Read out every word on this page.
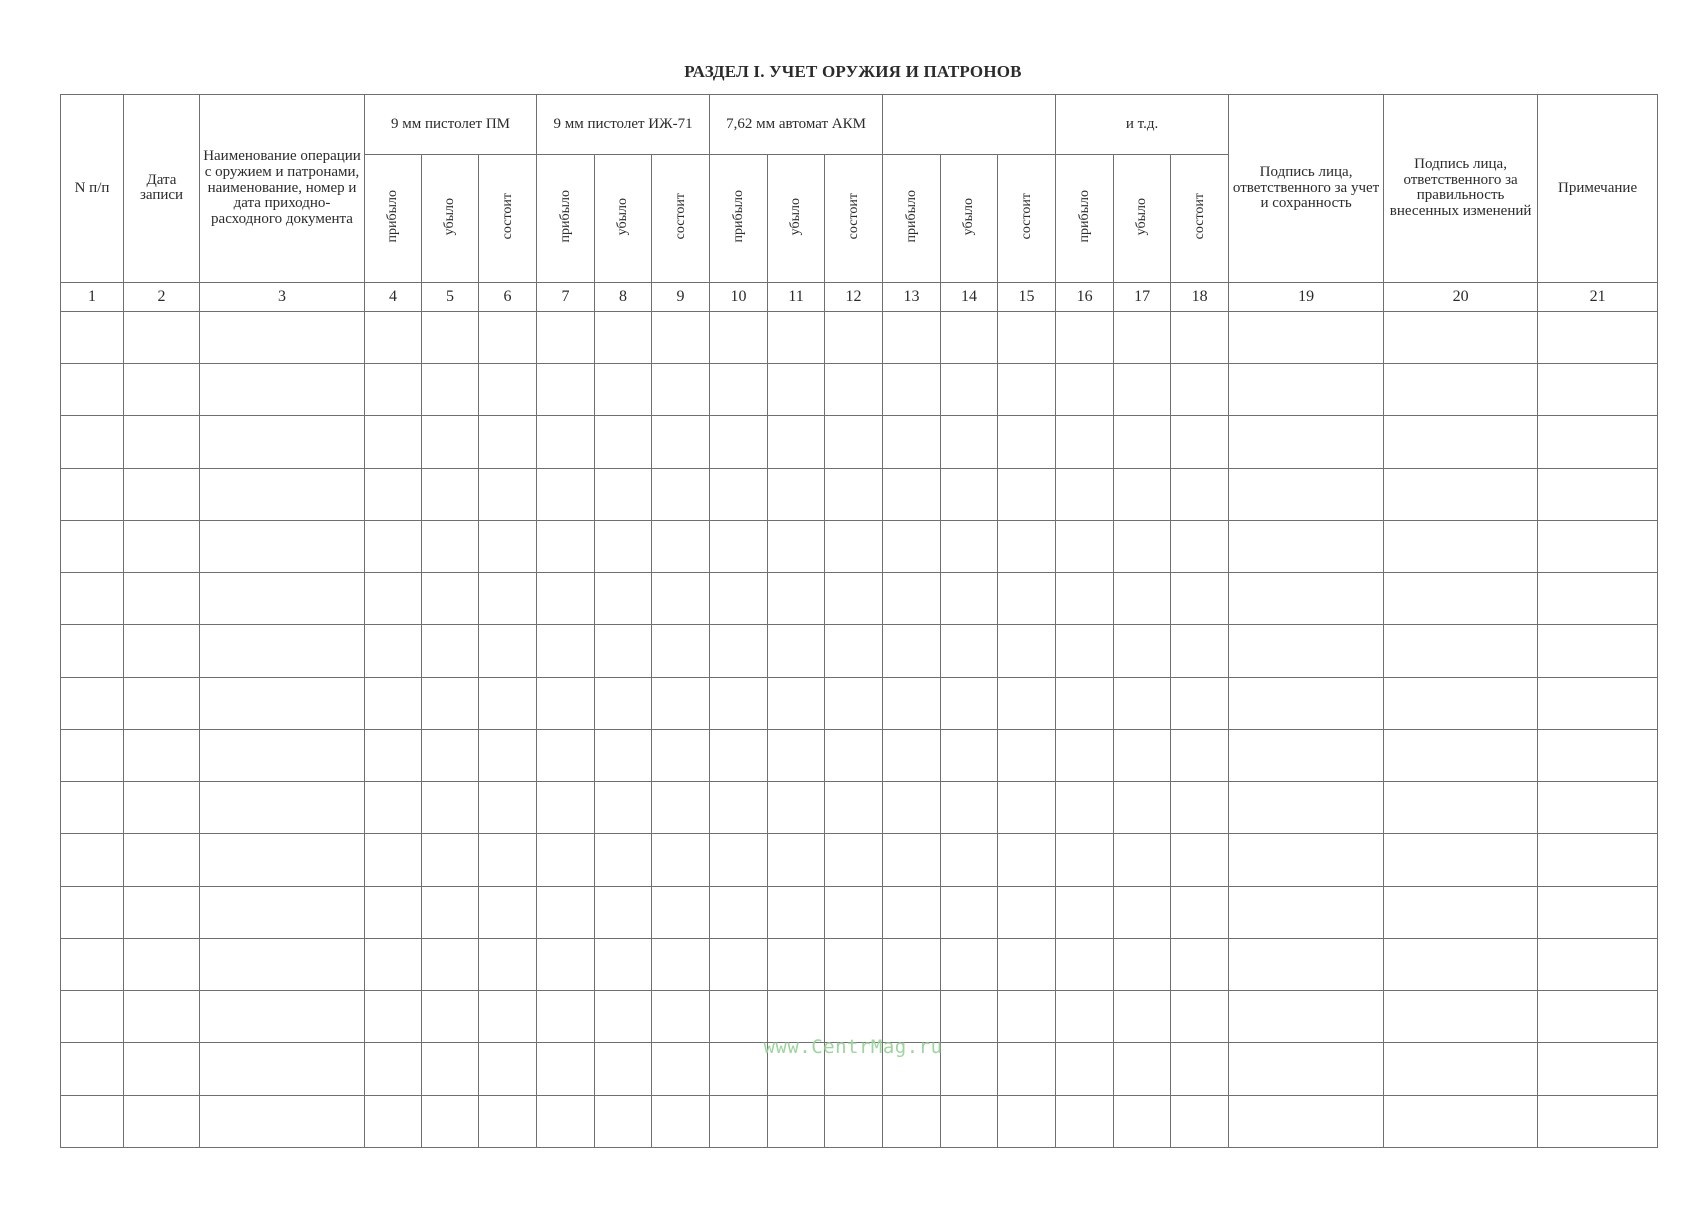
РАЗДЕЛ I. УЧЕТ ОРУЖИЯ И ПАТРОНОВ
N п/п	Дата записи	Наименование операции с оружием и патронами, наименование, номер и дата приходно-расходного документа	9 мм пистолет ПМ			9 мм пистолет ИЖ-71			7,62 мм автомат АКМ						и т.д.			Подпись лица, ответственного за учет и сохранность	Подпись лица, ответственного за правильность внесенных изменений	Примечание
			прибыло	убыло	состоит	прибыло	убыло	состоит	прибыло	убыло	состоит	прибыло	убыло	состоит	прибыло	убыло	состоит			
1	2	3	4	5	6	7	8	9	10	11	12	13	14	15	16	17	18	19	20	21

www.CentrMag.ru
